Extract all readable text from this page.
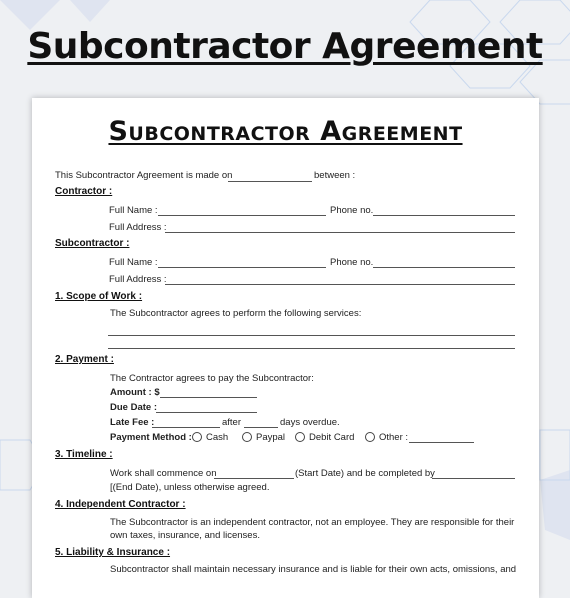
Subcontractor Agreement
Subcontractor Agreement
This Subcontractor Agreement is made on	between :
Contractor :
Full Name :	Phone no.
Full Address :
Subcontractor :
Full Name :	Phone no.
Full Address :
1. Scope of Work :
The Subcontractor agrees to perform the following services:
2. Payment :
The Contractor agrees to pay the Subcontractor:
Amount : $
Due Date :
Late Fee :	after	days overdue.
Payment Method : Cash	Paypal	Debit Card	Other :
3. Timeline :
Work shall commence on	(Start Date) and be completed by
[(End Date), unless otherwise agreed.
4. Independent Contractor :
The Subcontractor is an independent contractor, not an employee. They are responsible for their
own taxes, insurance, and licenses.
5. Liability & Insurance :
Subcontractor shall maintain necessary insurance and is liable for their own acts, omissions, and
